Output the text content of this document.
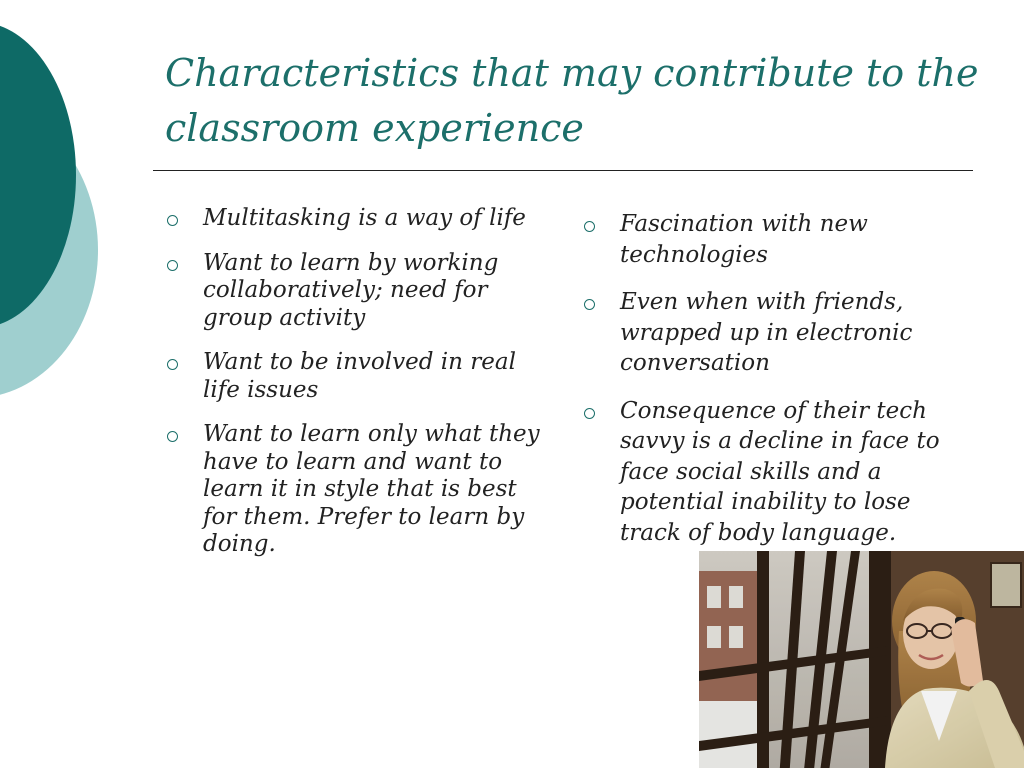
Characteristics that may contribute to the classroom experience
Multitasking is a way of life
Want to learn by working collaboratively; need for group activity
Want to be involved in real life issues
Want to learn only what they have to learn and want to learn it in style that is best for them. Prefer to learn by doing.
Fascination with new technologies
Even when with friends, wrapped up in electronic conversation
Consequence of their tech savvy is a decline in face to face social skills and a potential inability to lose track of body language.
